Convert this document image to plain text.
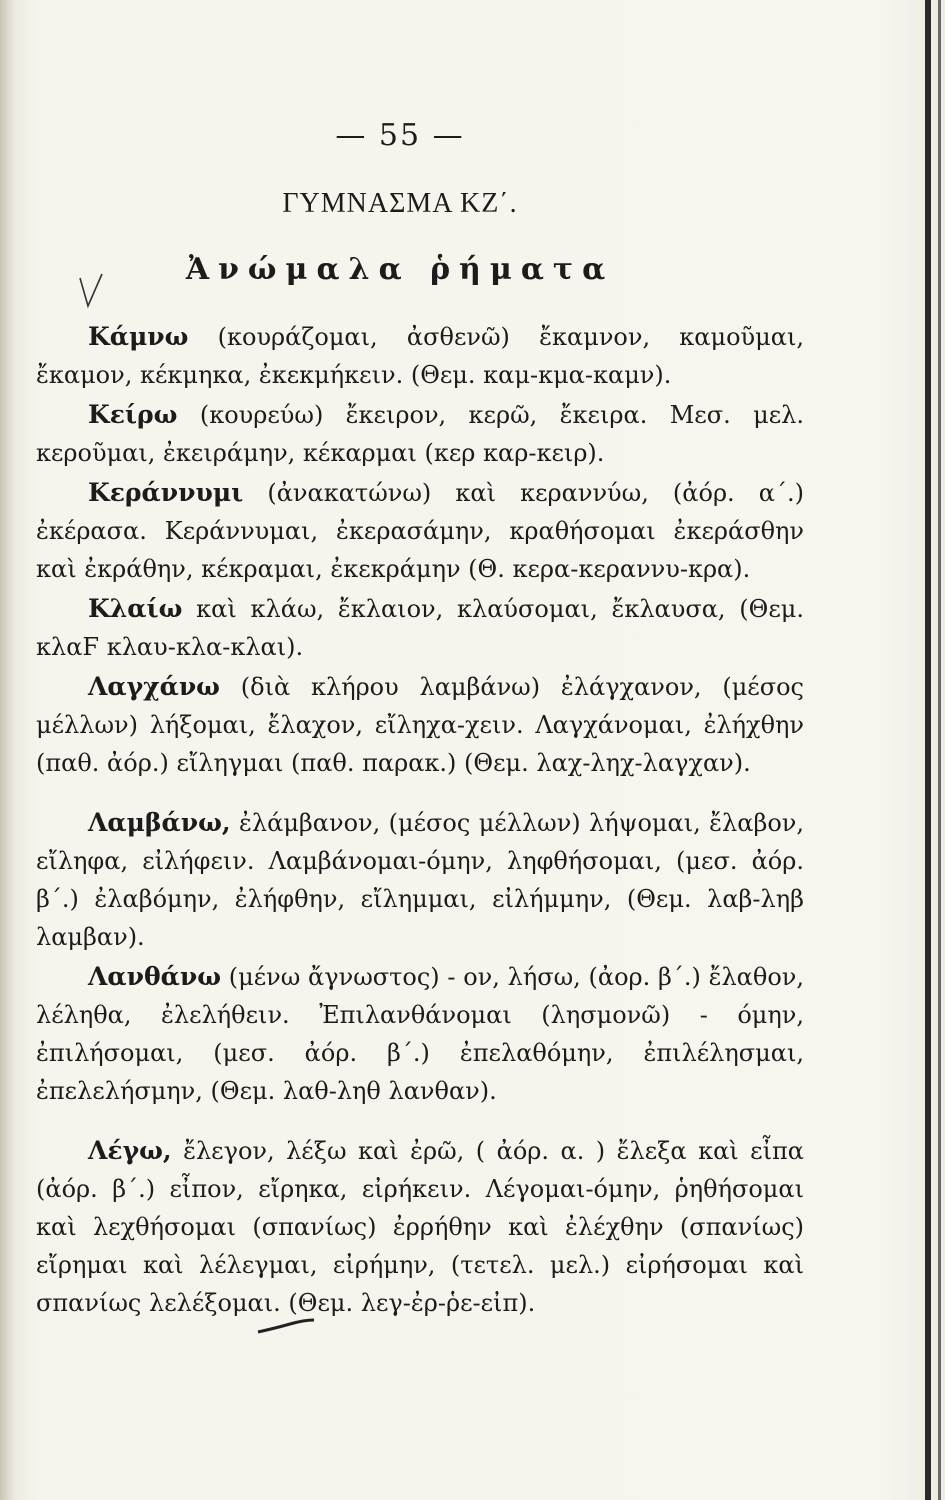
— 55 —
ΓΥΜΝΑΣΜΑ ΚΖ΄.
Ἀνώμαλα ῥήματα

Κάμνω (κουράζομαι, ἀσθενῶ) ἔκαμνον, καμοῦμαι, ἔκαμον, κέκμηκα, ἐκεκμήκειν. (Θεμ. καμ-κμα-καμν).

Κείρω (κουρεύω) ἔκειρον, κερῶ, ἔκειρα. Μεσ. μελ. κεροῦμαι, ἐκειράμην, κέκαρμαι (κερ καρ-κειρ).

Κεράννυμι (ἀνακατώνω) καὶ κεραννύω, (ἀόρ. α΄.) ἐκέρασα. Κεράννυμαι, ἐκερασάμην, κραθήσομαι ἐκεράσθην καὶ ἐκράθην, κέκραμαι, ἐκεκράμην (Θ. κερα-κεραννυ-κρα).

Κλαίω καὶ κλάω, ἔκλαιον, κλαύσομαι, ἔκλαυσα, (Θεμ. κλαϜ κλαυ-κλα-κλαι).

Λαγχάνω (διὰ κλήρου λαμβάνω) ἐλάγχανον, (μέσος μέλλων) λήξομαι, ἔλαχον, εἴληχα-χειν. Λαγχάνομαι, ἐλήχθην (παθ. ἀόρ.) εἴληγμαι (παθ. παρακ.) (Θεμ. λαχ-ληχ-λαγχαν).

Λαμβάνω, ἐλάμβανον, (μέσος μέλλων) λήψομαι, ἔλαβον, εἴληφα, εἰλήφειν. Λαμβάνομαι-όμην, ληφθήσομαι, (μεσ. ἀόρ. β΄.) ἐλαβόμην, ἐλήφθην, εἴλημμαι, εἰλήμμην, (Θεμ. λαβ-ληβ λαμβαν).

Λανθάνω (μένω ἄγνωστος) - ον, λήσω, (ἀορ. β΄.) ἔλαθον, λέληθα, ἐλελήθειν. Ἐπιλανθάνομαι (λησμονῶ) - όμην, ἐπιλήσομαι, (μεσ. ἀόρ. β΄.) ἐπελαθόμην, ἐπιλέλησμαι, ἐπελελήσμην, (Θεμ. λαθ-ληθ λανθαν).

Λέγω, ἔλεγον, λέξω καὶ ἐρῶ, ( ἀόρ. α. ) ἔλεξα καὶ εἶπα (ἀόρ. β΄.) εἶπον, εἴρηκα, εἰρήκειν. Λέγομαι-όμην, ῥηθήσομαι καὶ λεχθήσομαι (σπανίως) ἐρρήθην καὶ ἐλέχθην (σπανίως) εἴρημαι καὶ λέλεγμαι, εἰρήμην, (τετελ. μελ.) εἰρήσομαι καὶ σπανίως λελέξομαι. (Θεμ. λεγ-ἐρ-ῥε-εἰπ).
